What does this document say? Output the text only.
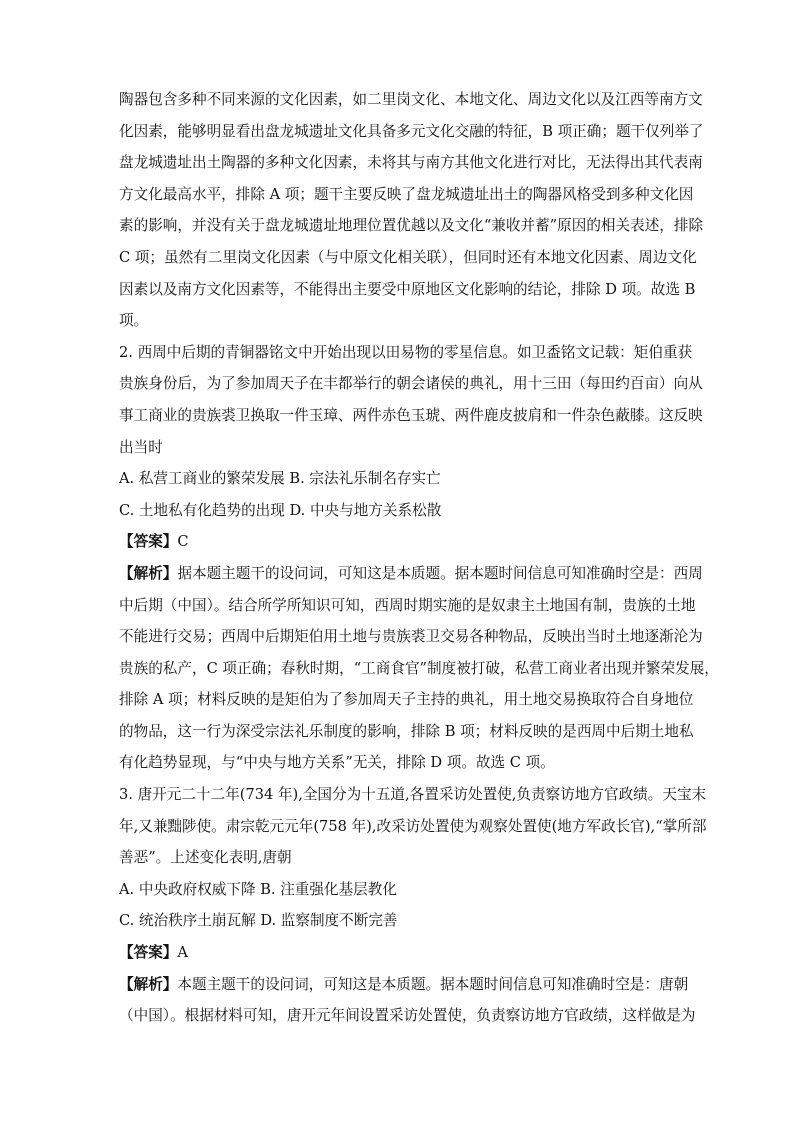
陶器包含多种不同来源的文化因素，如二里岗文化、本地文化、周边文化以及江西等南方文
化因素，能够明显看出盘龙城遗址文化具备多元文化交融的特征，B 项正确；题干仅列举了
盘龙城遗址出土陶器的多种文化因素，未将其与南方其他文化进行对比，无法得出其代表南
方文化最高水平，排除 A 项；题干主要反映了盘龙城遗址出土的陶器风格受到多种文化因
素的影响，并没有关于盘龙城遗址地理位置优越以及文化“兼收并蓄”原因的相关表述，排除
C 项；虽然有二里岗文化因素（与中原文化相关联），但同时还有本地文化因素、周边文化
因素以及南方文化因素等，不能得出主要受中原地区文化影响的结论，排除 D 项。故选 B
项。
2. 西周中后期的青铜器铭文中开始出现以田易物的零星信息。如卫盉铭文记载：矩伯重获
贵族身份后，为了参加周天子在丰都举行的朝会诸侯的典礼，用十三田（每田约百亩）向从
事工商业的贵族裘卫换取一件玉璋、两件赤色玉琥、两件鹿皮披肩和一件杂色蔽膝。这反映
出当时
A. 私营工商业的繁荣发展 B. 宗法礼乐制名存实亡
C. 土地私有化趋势的出现 D. 中央与地方关系松散
【答案】C
【解析】据本题主题干的设问词，可知这是本质题。据本题时间信息可知准确时空是：西周
中后期（中国）。结合所学所知识可知，西周时期实施的是奴隶主土地国有制，贵族的土地
不能进行交易；西周中后期矩伯用土地与贵族裘卫交易各种物品，反映出当时土地逐渐沦为
贵族的私产，C 项正确；春秋时期，“工商食官”制度被打破，私营工商业者出现并繁荣发展，
排除 A 项；材料反映的是矩伯为了参加周天子主持的典礼，用土地交易换取符合自身地位
的物品，这一行为深受宗法礼乐制度的影响，排除 B 项；材料反映的是西周中后期土地私
有化趋势显现，与“中央与地方关系”无关，排除 D 项。故选 C 项。
3. 唐开元二十二年(734 年),全国分为十五道,各置采访处置使,负责察访地方官政绩。天宝末
年,又兼黜陟使。肃宗乾元元年(758 年),改采访处置使为观察处置使(地方军政长官),“掌所部
善恶”。上述变化表明,唐朝
A. 中央政府权威下降 B. 注重强化基层教化
C. 统治秩序土崩瓦解 D. 监察制度不断完善
【答案】A
【解析】本题主题干的设问词，可知这是本质题。据本题时间信息可知准确时空是：唐朝
（中国）。根据材料可知，唐开元年间设置采访处置使，负责察访地方官政绩，这样做是为
